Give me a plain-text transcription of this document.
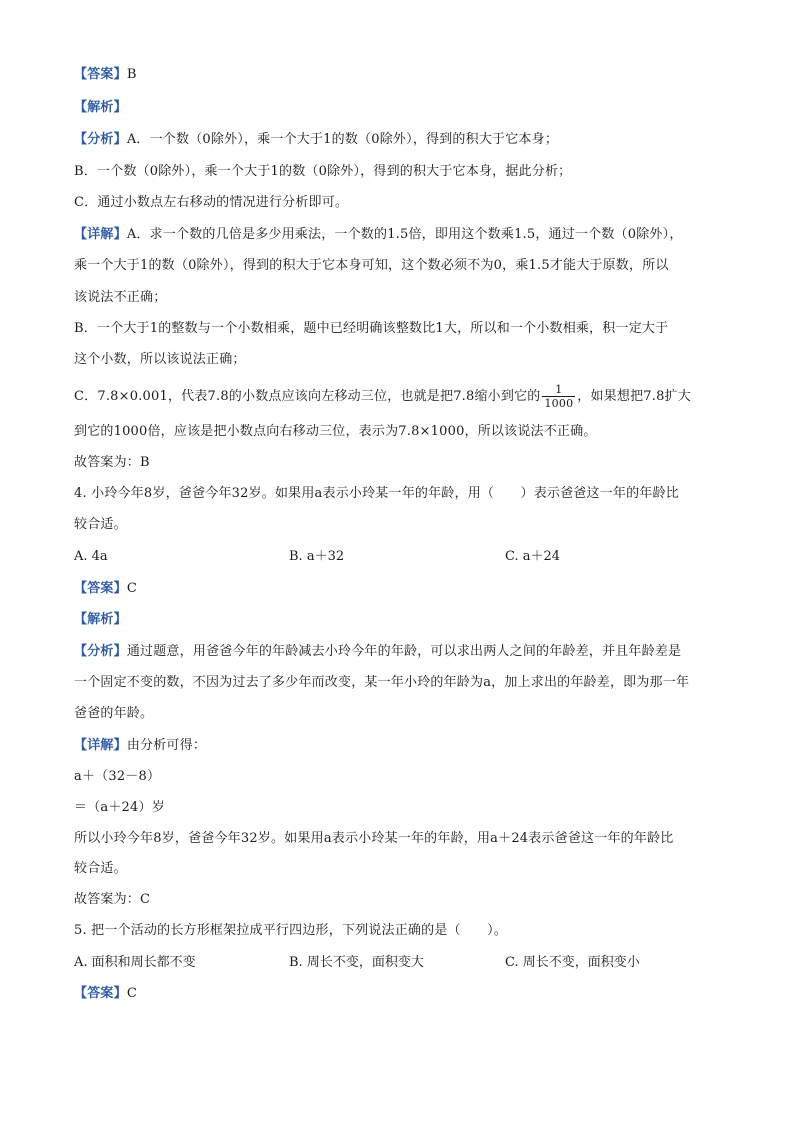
【答案】B
【解析】
【分析】A．一个数（0除外），乘一个大于1的数（0除外），得到的积大于它本身；
B．一个数（0除外），乘一个大于1的数（0除外），得到的积大于它本身，据此分析；
C．通过小数点左右移动的情况进行分析即可。
【详解】A．求一个数的几倍是多少用乘法，一个数的1.5倍，即用这个数乘1.5，通过一个数（0除外），
乘一个大于1的数（0除外），得到的积大于它本身可知，这个数必须不为0，乘1.5才能大于原数，所以
该说法不正确；
B．一个大于1的整数与一个小数相乘，题中已经明确该整数比1大，所以和一个小数相乘，积一定大于
这个小数，所以该说法正确；
C．7.8×0.001，代表7.8的小数点应该向左移动三位，也就是把7.8缩小到它的 $\frac{1}{1000}$ ，如果想把7.8扩大
到它的1000倍，应该是把小数点向右移动三位，表示为7.8×1000，所以该说法不正确。
故答案为：B
4. 小玲今年8岁，爸爸今年32岁。如果用a表示小玲某一年的年龄，用（　　）表示爸爸这一年的年龄比
较合适。
A. 4a	B. a＋32	C. a＋24
【答案】C
【解析】
【分析】通过题意，用爸爸今年的年龄减去小玲今年的年龄，可以求出两人之间的年龄差，并且年龄差是
一个固定不变的数，不因为过去了多少年而改变，某一年小玲的年龄为a，加上求出的年龄差，即为那一年
爸爸的年龄。
【详解】由分析可得：
a＋（32－8）
＝（a＋24）岁
所以小玲今年8岁，爸爸今年32岁。如果用a表示小玲某一年的年龄，用a＋24表示爸爸这一年的年龄比
较合适。
故答案为：C
5. 把一个活动的长方形框架拉成平行四边形，下列说法正确的是（　　）。
A. 面积和周长都不变	B. 周长不变，面积变大	C. 周长不变，面积变小
【答案】C
